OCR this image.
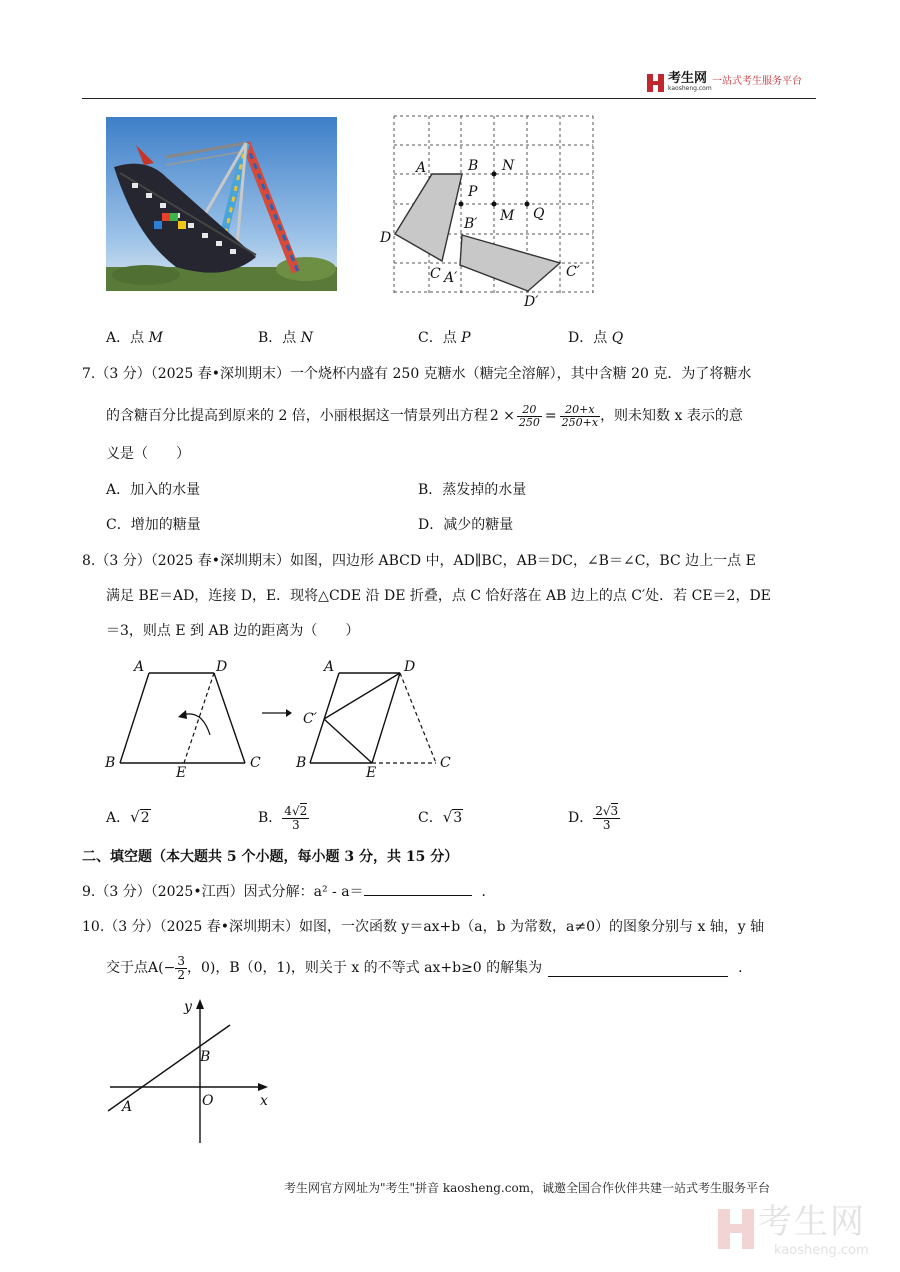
考生网
kaosheng.com
一站式考生服务平台
A	B N
P
B′ M Q
D
C A′	C′
D′
A．点 M	B．点 N	C．点 P	D．点 Q
7.（3 分）（2025 春•深圳期末）一个烧杯内盛有 250 克糖水（糖完全溶解），其中含糖 20 克．为了将糖水
的含糖百分比提高到原来的 2 倍，小丽根据这一情景列出方程 $2 \times \frac{20}{250} = \frac{20+x}{250+x}$ ，则未知数 x 表示的意
义是（　　）
A．加入的水量	B．蒸发掉的水量
C．增加的糖量	D．减少的糖量
8.（3 分）（2025 春•深圳期末）如图，四边形 ABCD 中，AD∥BC，AB＝DC，∠B＝∠C，BC 边上一点 E
满足 BE＝AD，连接 D，E．现将△CDE 沿 DE 折叠，点 C 恰好落在 AB 边上的点 C′处．若 CE＝2，DE
＝3，则点 E 到 AB 边的距离为（　　）
A	D
B	C
E
A	D
C′
B
E
C
A．√2	B． $\frac{4√2}{3}$	C．√3	D． $\frac{2√3}{3}$
二、填空题（本大题共 5 个小题，每小题 3 分，共 15 分）
9.（3 分）（2025•江西）因式分解：a² - a＝	．
10.（3 分）（2025 春•深圳期末）如图，一次函数 y＝ax+b（a，b 为常数，a≠0）的图象分别与 x 轴，y 轴
交于点$A(- \frac{3}{2}$ ，0)，B（0，1)，则关于 x 的不等式 ax+b≥0 的解集为	．
y
x
O
A
B
考生网官方网址为"考生"拼音 kaosheng.com，诚邀全国合作伙伴共建一站式考生服务平台
考生网
kaosheng.com
